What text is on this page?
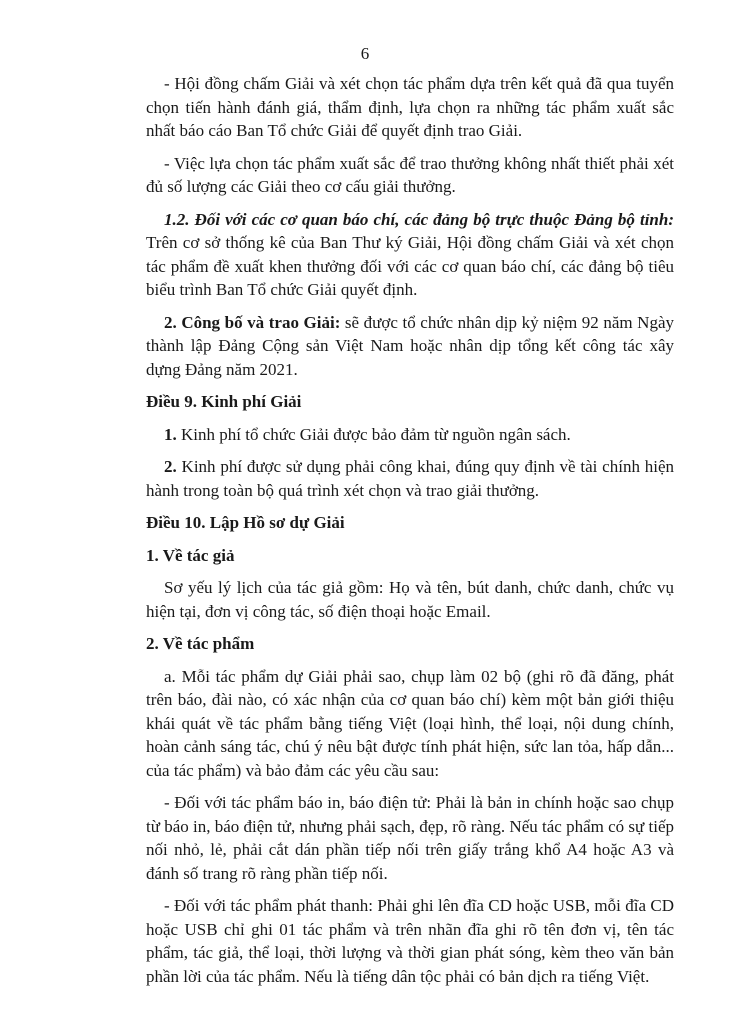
6

- Hội đồng chấm Giải và xét chọn tác phẩm dựa trên kết quả đã qua tuyển chọn tiến hành đánh giá, thẩm định, lựa chọn ra những tác phẩm xuất sắc nhất báo cáo Ban Tổ chức Giải để quyết định trao Giải.

- Việc lựa chọn tác phẩm xuất sắc để trao thưởng không nhất thiết phải xét đủ số lượng các Giải theo cơ cấu giải thưởng.

1.2. Đối với các cơ quan báo chí, các đảng bộ trực thuộc Đảng bộ tỉnh: Trên cơ sở thống kê của Ban Thư ký Giải, Hội đồng chấm Giải và xét chọn tác phẩm đề xuất khen thưởng đối với các cơ quan báo chí, các đảng bộ tiêu biểu trình Ban Tổ chức Giải quyết định.

2. Công bố và trao Giải: sẽ được tổ chức nhân dịp kỷ niệm 92 năm Ngày thành lập Đảng Cộng sản Việt Nam hoặc nhân dịp tổng kết công tác xây dựng Đảng năm 2021.

Điều 9. Kinh phí Giải

1. Kinh phí tổ chức Giải được bảo đảm từ nguồn ngân sách.

2. Kinh phí được sử dụng phải công khai, đúng quy định về tài chính hiện hành trong toàn bộ quá trình xét chọn và trao giải thưởng.

Điều 10. Lập Hồ sơ dự Giải

1. Về tác giả

Sơ yếu lý lịch của tác giả gồm: Họ và tên, bút danh, chức danh, chức vụ hiện tại, đơn vị công tác, số điện thoại hoặc Email.

2. Về tác phẩm

a. Mỗi tác phẩm dự Giải phải sao, chụp làm 02 bộ (ghi rõ đã đăng, phát trên báo, đài nào, có xác nhận của cơ quan báo chí) kèm một bản giới thiệu khái quát về tác phẩm bằng tiếng Việt (loại hình, thể loại, nội dung chính, hoàn cảnh sáng tác, chú ý nêu bật được tính phát hiện, sức lan tỏa, hấp dẫn... của tác phẩm) và bảo đảm các yêu cầu sau:

- Đối với tác phẩm báo in, báo điện tử: Phải là bản in chính hoặc sao chụp từ báo in, báo điện tử, nhưng phải sạch, đẹp, rõ ràng. Nếu tác phẩm có sự tiếp nối nhỏ, lẻ, phải cắt dán phần tiếp nối trên giấy trắng khổ A4 hoặc A3 và đánh số trang rõ ràng phần tiếp nối.

- Đối với tác phẩm phát thanh: Phải ghi lên đĩa CD hoặc USB, mỗi đĩa CD hoặc USB chỉ ghi 01 tác phẩm và trên nhãn đĩa ghi rõ tên đơn vị, tên tác phẩm, tác giả, thể loại, thời lượng và thời gian phát sóng, kèm theo văn bản phần lời của tác phẩm. Nếu là tiếng dân tộc phải có bản dịch ra tiếng Việt.
